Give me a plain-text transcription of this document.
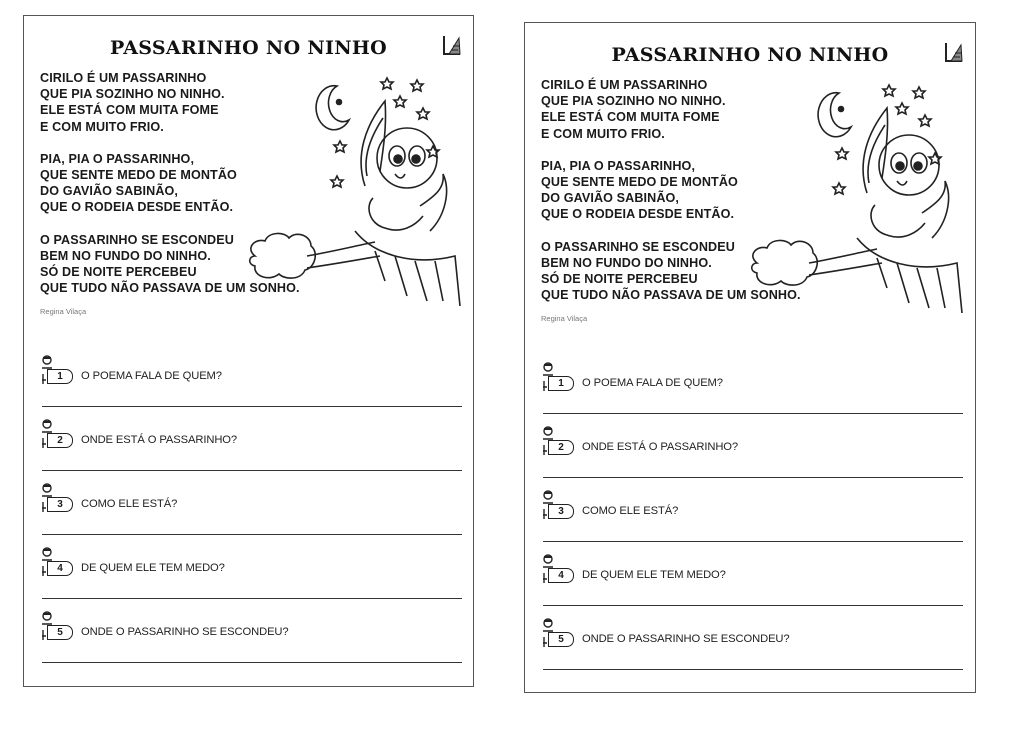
PASSARINHO NO NINHO
CIRILO É UM PASSARINHO
QUE PIA SOZINHO NO NINHO.
ELE ESTÁ COM MUITA FOME
E COM MUITO FRIO.
PIA, PIA O PASSARINHO,
QUE SENTE MEDO DE MONTÃO
DO GAVIÃO SABINÃO,
QUE O RODEIA DESDE ENTÃO.
O PASSARINHO SE ESCONDEU
BEM NO FUNDO DO NINHO.
SÓ DE NOITE PERCEBEU
QUE TUDO NÃO PASSAVA DE UM SONHO.
Regina Vilaça
1	O POEMA FALA DE QUEM?
2	ONDE ESTÁ O PASSARINHO?
3	COMO ELE ESTÁ?
4	DE QUEM ELE TEM MEDO?
5	ONDE O PASSARINHO SE ESCONDEU?
PASSARINHO NO NINHO
CIRILO É UM PASSARINHO
QUE PIA SOZINHO NO NINHO.
ELE ESTÁ COM MUITA FOME
E COM MUITO FRIO.
PIA, PIA O PASSARINHO,
QUE SENTE MEDO DE MONTÃO
DO GAVIÃO SABINÃO,
QUE O RODEIA DESDE ENTÃO.
O PASSARINHO SE ESCONDEU
BEM NO FUNDO DO NINHO.
SÓ DE NOITE PERCEBEU
QUE TUDO NÃO PASSAVA DE UM SONHO.
Regina Vilaça
1	O POEMA FALA DE QUEM?
2	ONDE ESTÁ O PASSARINHO?
3	COMO ELE ESTÁ?
4	DE QUEM ELE TEM MEDO?
5	ONDE O PASSARINHO SE ESCONDEU?
